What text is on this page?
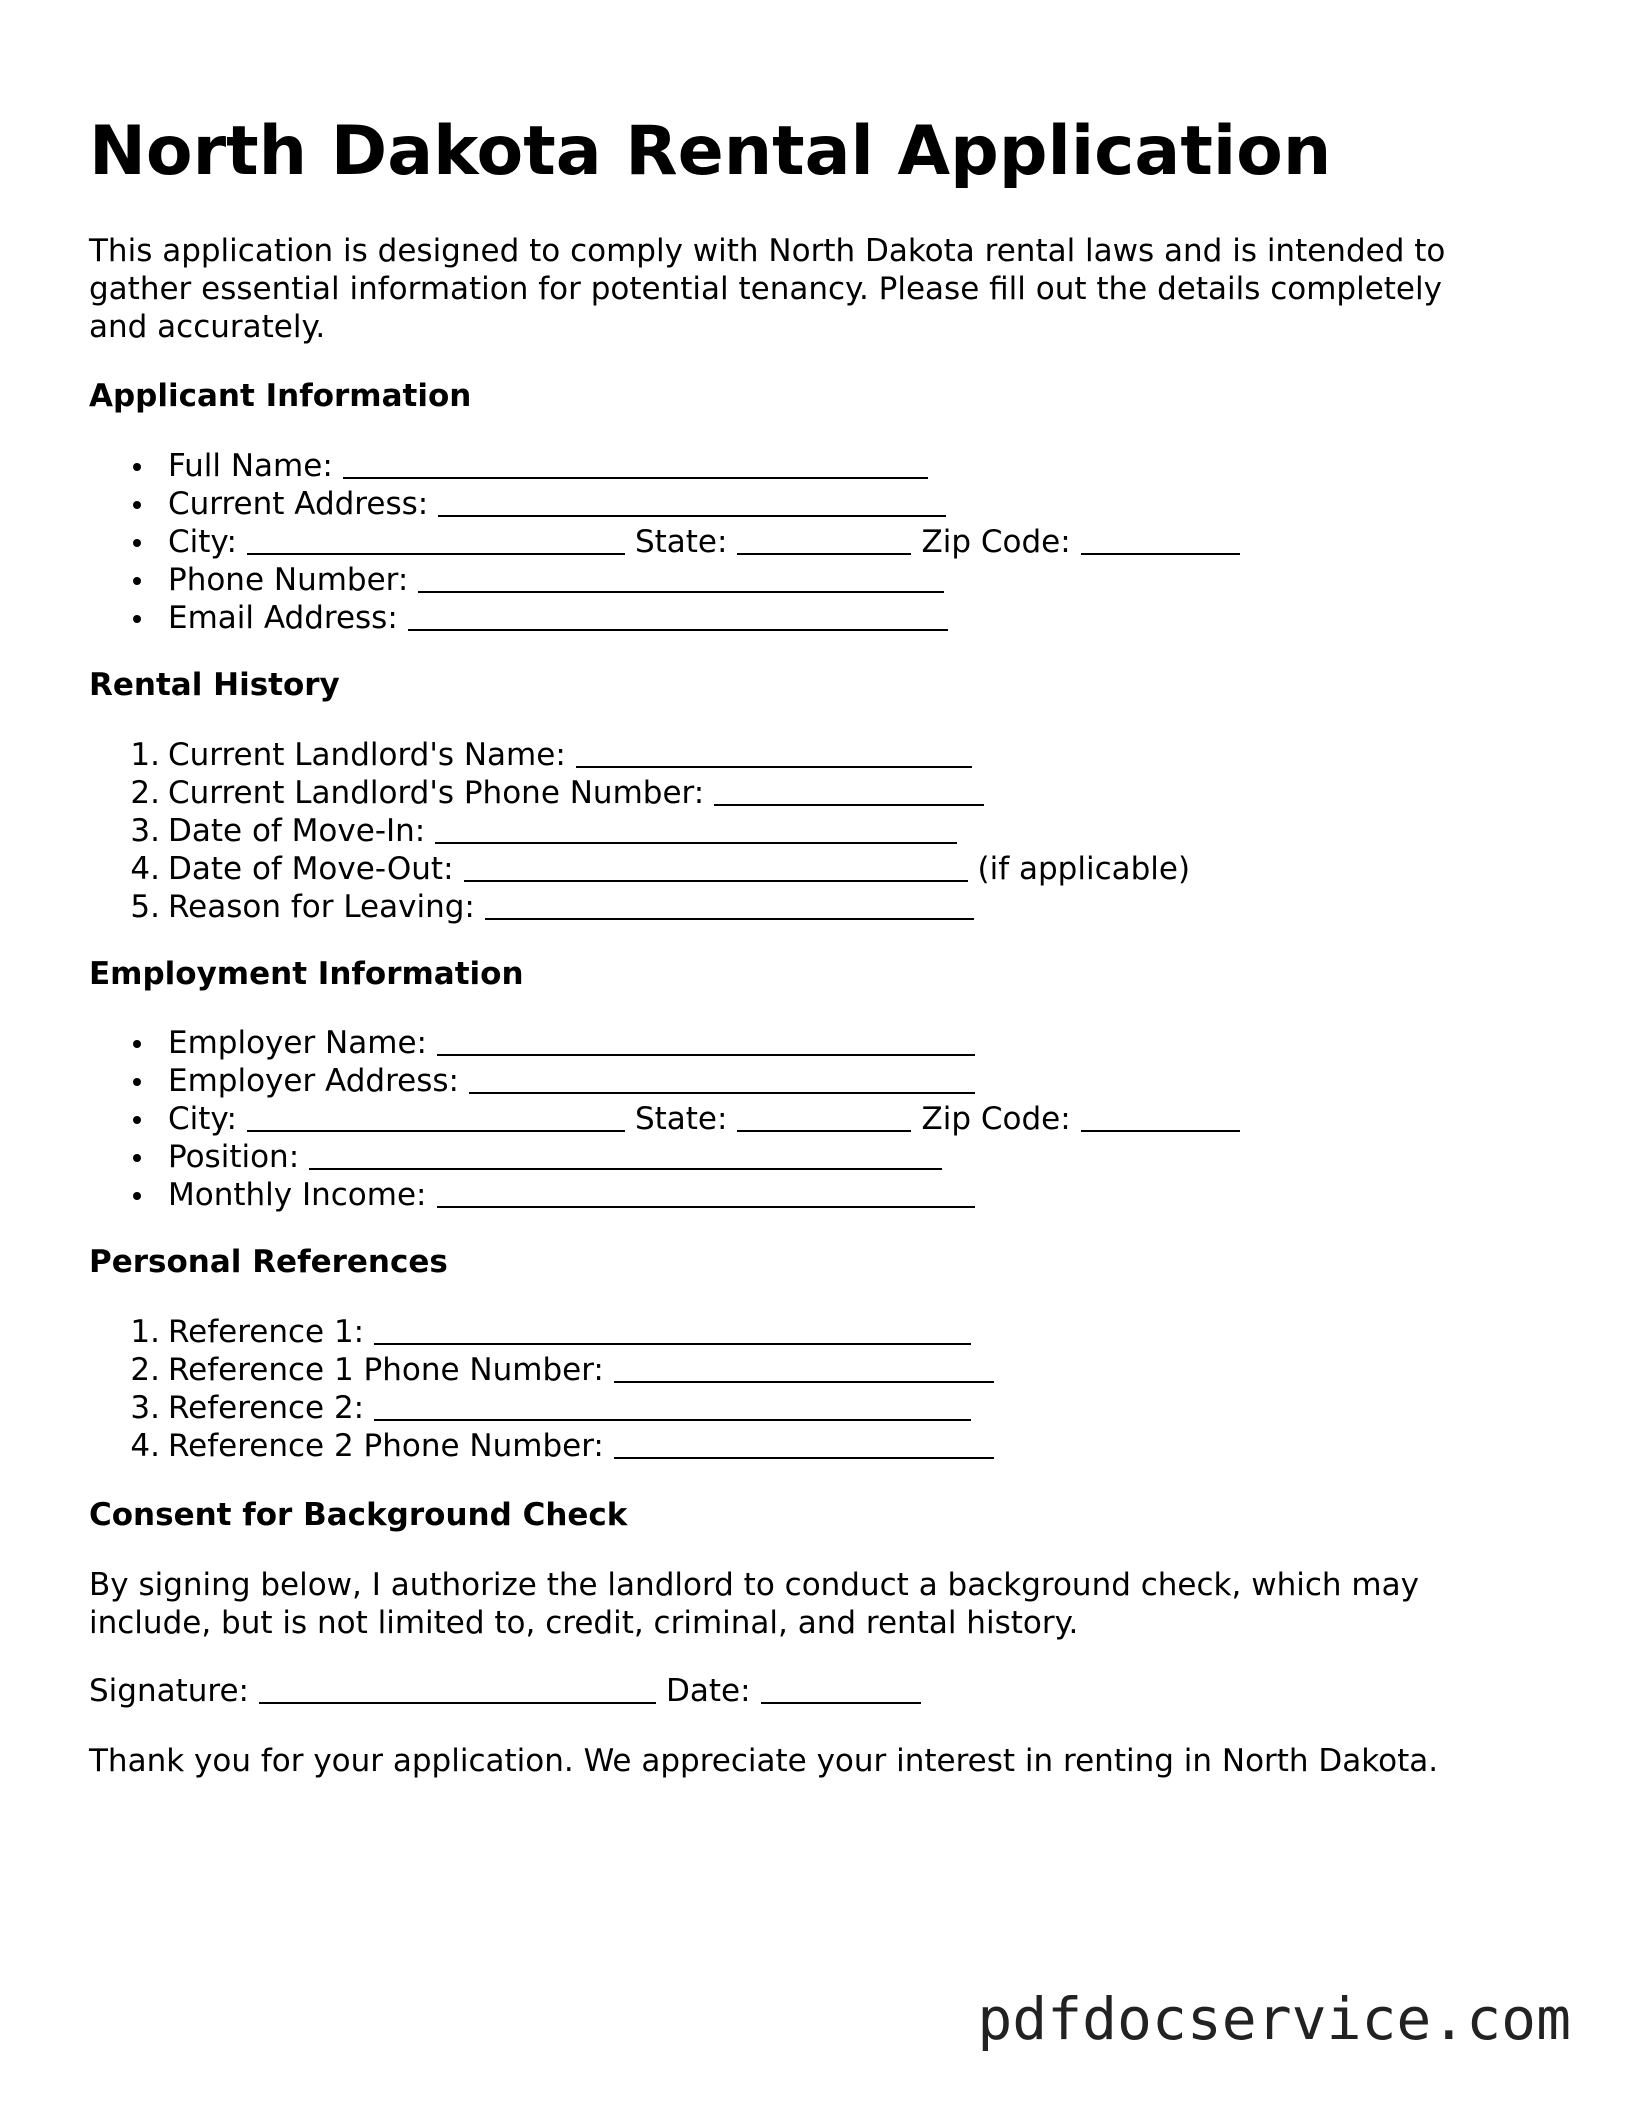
North Dakota Rental Application

This application is designed to comply with North Dakota rental laws and is intended to gather essential information for potential tenancy. Please fill out the details completely and accurately.

Applicant Information
Full Name:
Current Address:
City:	State:	Zip Code:
Phone Number:
Email Address:
Rental History
1. Current Landlord's Name:
2. Current Landlord's Phone Number:
3. Date of Move-In:
4. Date of Move-Out:	(if applicable)
5. Reason for Leaving:
Employment Information
Employer Name:
Employer Address:
City:	State:	Zip Code:
Position:
Monthly Income:
Personal References
1. Reference 1:
2. Reference 1 Phone Number:
3. Reference 2:
4. Reference 2 Phone Number:
Consent for Background Check

By signing below, I authorize the landlord to conduct a background check, which may include, but is not limited to, credit, criminal, and rental history.

Signature:	Date:

Thank you for your application. We appreciate your interest in renting in North Dakota.

pdfdocservice.com
